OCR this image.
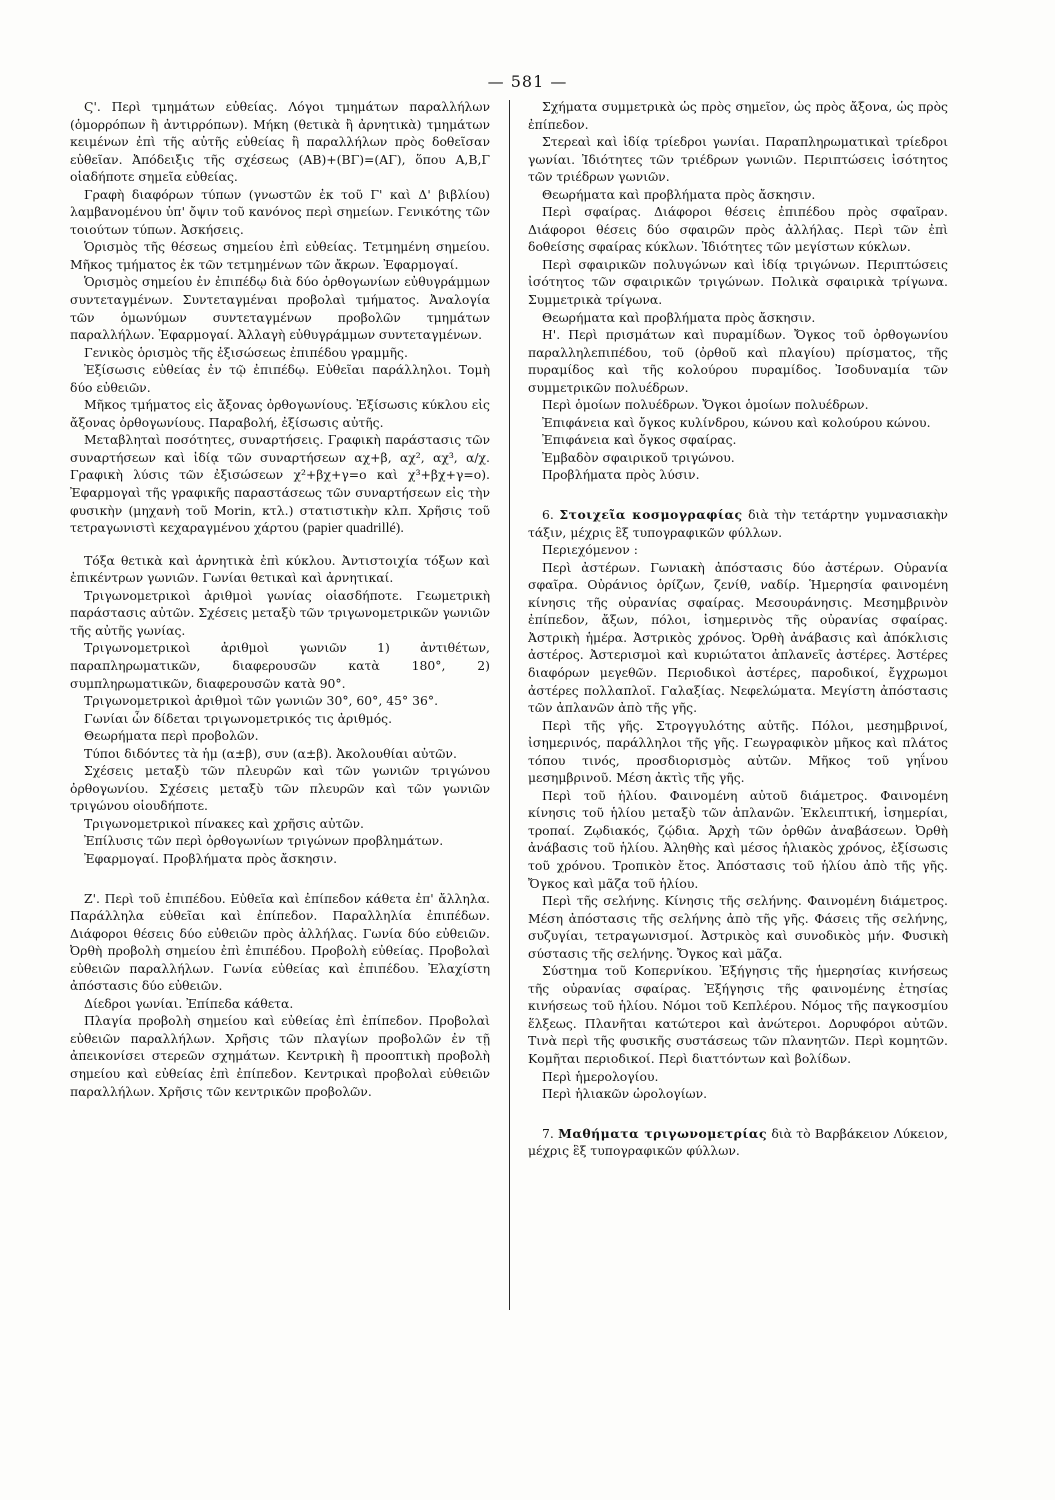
— 581 —

Ϛ'. Περὶ τμημάτων εὐθείας. Λόγοι τμημάτων παραλλήλων (ὁμορρόπων ἢ ἀντιρρόπων). Μήκη (θετικὰ ἢ ἀρνητικὰ) τμημάτων κειμένων ἐπὶ τῆς αὐτῆς εὐθείας ἢ παραλλήλων πρὸς δοθεῖσαν εὐθεῖαν. Ἀπόδειξις τῆς σχέσεως (ΑΒ)+(ΒΓ)=(ΑΓ), ὅπου Α,Β,Γ οἱαδήποτε σημεῖα εὐθείας.

Γραφὴ διαφόρων τύπων (γνωστῶν ἐκ τοῦ Γ' καὶ Δ' βιβλίου) λαμβανομένου ὑπ' ὄψιν τοῦ κανόνος περὶ σημείων. Γενικότης τῶν τοιούτων τύπων. Ἀσκήσεις.

Ὁρισμὸς τῆς θέσεως σημείου ἐπὶ εὐθείας. Τετμημένη σημείου. Μῆκος τμήματος ἐκ τῶν τετμημένων τῶν ἄκρων. Ἐφαρμογαί.

Ὁρισμὸς σημείου ἐν ἐπιπέδῳ διὰ δύο ὀρθογωνίων εὐθυγράμμων συντεταγμένων. Συντεταγμέναι προβολαὶ τμήματος. Ἀναλογία τῶν ὁμωνύμων συντεταγμένων προβολῶν τμημάτων παραλλήλων. Ἐφαρμογαί. Ἀλλαγὴ εὐθυγράμμων συντεταγμένων.

Γενικὸς ὁρισμὸς τῆς ἐξισώσεως ἐπιπέδου γραμμῆς.

Ἐξίσωσις εὐθείας ἐν τῷ ἐπιπέδῳ. Εὐθεῖαι παράλληλοι. Τομὴ δύο εὐθειῶν.

Μῆκος τμήματος εἰς ἄξονας ὀρθογωνίους. Ἐξίσωσις κύκλου εἰς ἄξονας ὀρθογωνίους. Παραβολή, ἐξίσωσις αὐτῆς.

Μεταβληταὶ ποσότητες, συναρτήσεις. Γραφικὴ παράστασις τῶν συναρτήσεων καὶ ἰδίᾳ τῶν συναρτήσεων αχ+β, αχ², αχ³, α/χ. Γραφικὴ λύσις τῶν ἐξισώσεων χ²+βχ+γ=ο καὶ χ³+βχ+γ=ο). Ἐφαρμογαὶ τῆς γραφικῆς παραστάσεως τῶν συναρτήσεων εἰς τὴν φυσικὴν (μηχανὴ τοῦ Morin, κτλ.) στατιστικὴν κλπ. Χρῆσις τοῦ τετραγωνιστὶ κεχαραγμένου χάρτου (papier quadrillé).

Τόξα θετικὰ καὶ ἀρνητικὰ ἐπὶ κύκλου. Ἀντιστοιχία τόξων καὶ ἐπικέντρων γωνιῶν. Γωνίαι θετικαὶ καὶ ἀρνητικαί.

Τριγωνομετρικοὶ ἀριθμοὶ γωνίας οἱασδήποτε. Γεωμετρικὴ παράστασις αὐτῶν. Σχέσεις μεταξὺ τῶν τριγωνομετρικῶν γωνιῶν τῆς αὐτῆς γωνίας.

Τριγωνομετρικοὶ ἀριθμοὶ γωνιῶν 1) ἀντιθέτων, παραπληρωματικῶν, διαφερουσῶν κατὰ 180°, 2) συμπληρωματικῶν, διαφερουσῶν κατὰ 90°.

Τριγωνομετρικοὶ ἀριθμοὶ τῶν γωνιῶν 30°, 60°, 45° 36°.

Γωνίαι ὧν δίδεται τριγωνομετρικός τις ἀριθμός.

Θεωρήματα περὶ προβολῶν.

Τύποι διδόντες τὰ ἡμ (α±β), συν (α±β). Ἀκολουθίαι αὐτῶν.

Σχέσεις μεταξὺ τῶν πλευρῶν καὶ τῶν γωνιῶν τριγώνου ὀρθογωνίου. Σχέσεις μεταξὺ τῶν πλευρῶν καὶ τῶν γωνιῶν τριγώνου οἱουδήποτε.

Τριγωνομετρικοὶ πίνακες καὶ χρῆσις αὐτῶν.

Ἐπίλυσις τῶν περὶ ὀρθογωνίων τριγώνων προβλημάτων.

Ἐφαρμογαί. Προβλήματα πρὸς ἄσκησιν.

Ζ'. Περὶ τοῦ ἐπιπέδου. Εὐθεῖα καὶ ἐπίπεδον κάθετα ἐπ' ἄλληλα. Παράλληλα εὐθεῖαι καὶ ἐπίπεδον. Παραλληλία ἐπιπέδων. Διάφοροι θέσεις δύο εὐθειῶν πρὸς ἀλλήλας. Γωνία δύο εὐθειῶν. Ὀρθὴ προβολὴ σημείου ἐπὶ ἐπιπέδου. Προβολὴ εὐθείας. Προβολαὶ εὐθειῶν παραλλήλων. Γωνία εὐθείας καὶ ἐπιπέδου. Ἐλαχίστη ἀπόστασις δύο εὐθειῶν.

Δίεδροι γωνίαι. Ἐπίπεδα κάθετα.

Πλαγία προβολὴ σημείου καὶ εὐθείας ἐπὶ ἐπίπεδον. Προβολαὶ εὐθειῶν παραλλήλων. Χρῆσις τῶν πλαγίων προβολῶν ἐν τῇ ἀπεικονίσει στερεῶν σχημάτων. Κεντρικὴ ἢ προοπτικὴ προβολὴ σημείου καὶ εὐθείας ἐπὶ ἐπίπεδον. Κεντρικαὶ προβολαὶ εὐθειῶν παραλλήλων. Χρῆσις τῶν κεντρικῶν προβολῶν.

Σχήματα συμμετρικὰ ὡς πρὸς σημεῖον, ὡς πρὸς ἄξονα, ὡς πρὸς ἐπίπεδον.

Στερεαὶ καὶ ἰδίᾳ τρίεδροι γωνίαι. Παραπληρωματικαὶ τρίεδροι γωνίαι. Ἰδιότητες τῶν τριέδρων γωνιῶν. Περιπτώσεις ἰσότητος τῶν τριέδρων γωνιῶν.

Θεωρήματα καὶ προβλήματα πρὸς ἄσκησιν.

Περὶ σφαίρας. Διάφοροι θέσεις ἐπιπέδου πρὸς σφαῖραν. Διάφοροι θέσεις δύο σφαιρῶν πρὸς ἀλλήλας. Περὶ τῶν ἐπὶ δοθείσης σφαίρας κύκλων. Ἰδιότητες τῶν μεγίστων κύκλων.

Περὶ σφαιρικῶν πολυγώνων καὶ ἰδίᾳ τριγώνων. Περιπτώσεις ἰσότητος τῶν σφαιρικῶν τριγώνων. Πολικὰ σφαιρικὰ τρίγωνα. Συμμετρικὰ τρίγωνα.

Θεωρήματα καὶ προβλήματα πρὸς ἄσκησιν.

Η'. Περὶ πρισμάτων καὶ πυραμίδων. Ὄγκος τοῦ ὀρθογωνίου παραλληλεπιπέδου, τοῦ (ὀρθοῦ καὶ πλαγίου) πρίσματος, τῆς πυραμίδος καὶ τῆς κολούρου πυραμίδος. Ἰσοδυναμία τῶν συμμετρικῶν πολυέδρων.

Περὶ ὁμοίων πολυέδρων. Ὄγκοι ὁμοίων πολυέδρων.

Ἐπιφάνεια καὶ ὄγκος κυλίνδρου, κώνου καὶ κολούρου κώνου.

Ἐπιφάνεια καὶ ὄγκος σφαίρας.

Ἐμβαδὸν σφαιρικοῦ τριγώνου.

Προβλήματα πρὸς λύσιν.

6. Στοιχεῖα κοσμογραφίας διὰ τὴν τετάρτην γυμνασιακὴν τάξιν, μέχρις ἓξ τυπογραφικῶν φύλλων.

Περιεχόμενον :

Περὶ ἀστέρων. Γωνιακὴ ἀπόστασις δύο ἀστέρων. Οὐρανία σφαῖρα. Οὐράνιος ὁρίζων, ζενίθ, ναδίρ. Ἡμερησία φαινομένη κίνησις τῆς οὐρανίας σφαίρας. Μεσουράνησις. Μεσημβρινὸν ἐπίπεδον, ἄξων, πόλοι, ἰσημερινὸς τῆς οὐρανίας σφαίρας. Ἀστρικὴ ἡμέρα. Ἀστρικὸς χρόνος. Ὀρθὴ ἀνάβασις καὶ ἀπόκλισις ἀστέρος. Ἀστερισμοὶ καὶ κυριώτατοι ἀπλανεῖς ἀστέρες. Ἀστέρες διαφόρων μεγεθῶν. Περιοδικοὶ ἀστέρες, παροδικοί, ἔγχρωμοι ἀστέρες πολλαπλοῖ. Γαλαξίας. Νεφελώματα. Μεγίστη ἀπόστασις τῶν ἀπλανῶν ἀπὸ τῆς γῆς.

Περὶ τῆς γῆς. Στρογγυλότης αὐτῆς. Πόλοι, μεσημβρινοί, ἰσημερινός, παράλληλοι τῆς γῆς. Γεωγραφικὸν μῆκος καὶ πλάτος τόπου τινός, προσδιορισμὸς αὐτῶν. Μῆκος τοῦ γηΐνου μεσημβρινοῦ. Μέση ἀκτὶς τῆς γῆς.

Περὶ τοῦ ἡλίου. Φαινομένη αὐτοῦ διάμετρος. Φαινομένη κίνησις τοῦ ἡλίου μεταξὺ τῶν ἀπλανῶν. Ἐκλειπτική, ἰσημερίαι, τροπαί. Ζῳδιακός, ζῴδια. Ἀρχὴ τῶν ὀρθῶν ἀναβάσεων. Ὀρθὴ ἀνάβασις τοῦ ἡλίου. Ἀληθὴς καὶ μέσος ἡλιακὸς χρόνος, ἐξίσωσις τοῦ χρόνου. Τροπικὸν ἔτος. Ἀπόστασις τοῦ ἡλίου ἀπὸ τῆς γῆς. Ὄγκος καὶ μᾶζα τοῦ ἡλίου.

Περὶ τῆς σελήνης. Κίνησις τῆς σελήνης. Φαινομένη διάμετρος. Μέση ἀπόστασις τῆς σελήνης ἀπὸ τῆς γῆς. Φάσεις τῆς σελήνης, συζυγίαι, τετραγωνισμοί. Ἀστρικὸς καὶ συνοδικὸς μήν. Φυσικὴ σύστασις τῆς σελήνης. Ὄγκος καὶ μᾶζα.

Σύστημα τοῦ Κοπερνίκου. Ἐξήγησις τῆς ἡμερησίας κινήσεως τῆς οὐρανίας σφαίρας. Ἐξήγησις τῆς φαινομένης ἐτησίας κινήσεως τοῦ ἡλίου. Νόμοι τοῦ Κεπλέρου. Νόμος τῆς παγκοσμίου ἕλξεως. Πλανῆται κατώτεροι καὶ ἀνώτεροι. Δορυφόροι αὐτῶν. Τινὰ περὶ τῆς φυσικῆς συστάσεως τῶν πλανητῶν. Περὶ κομητῶν. Κομῆται περιοδικοί. Περὶ διαττόντων καὶ βολίδων.

Περὶ ἡμερολογίου.

Περὶ ἡλιακῶν ὡρολογίων.

7. Μαθήματα τριγωνομετρίας διὰ τὸ Βαρβάκειον Λύκειον, μέχρις ἓξ τυπογραφικῶν φύλλων.
